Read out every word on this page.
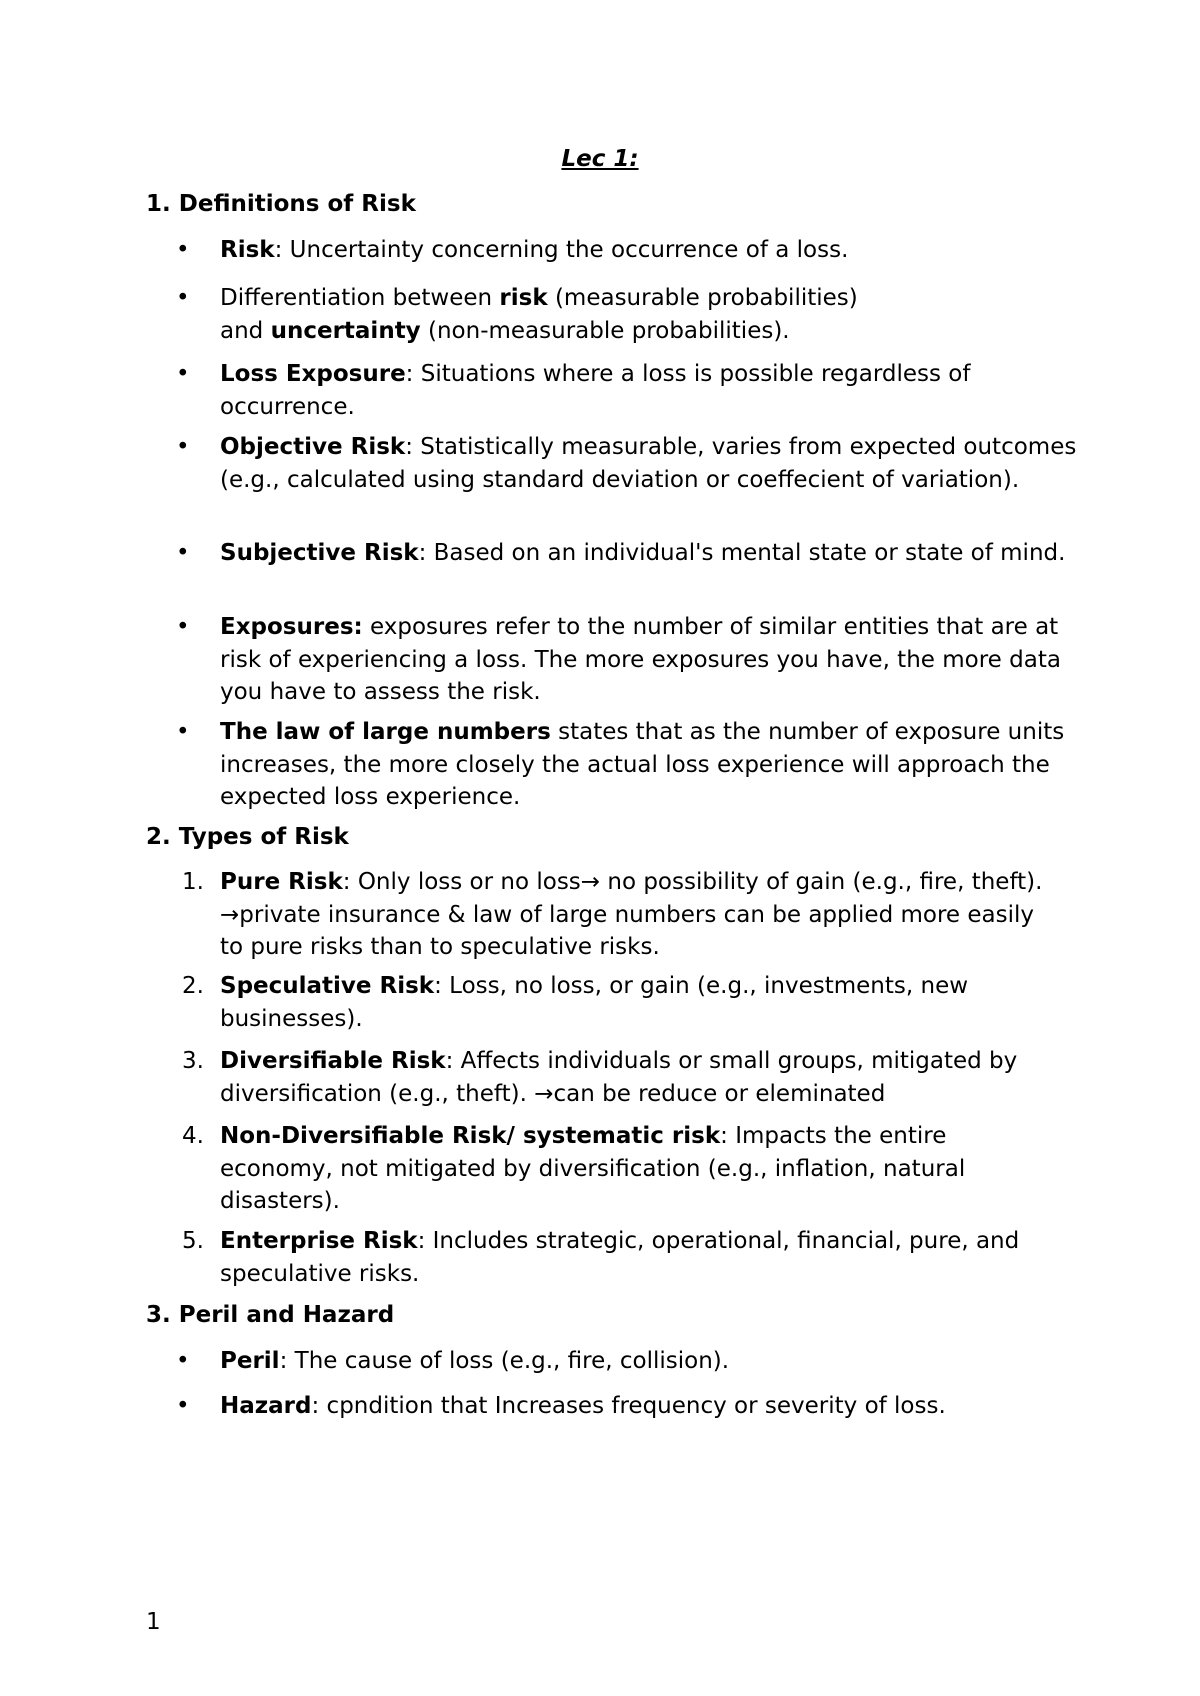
Lec 1:
1. Definitions of Risk
•	Risk: Uncertainty concerning the occurrence of a loss.
•	Differentiation between risk (measurable probabilities) and uncertainty (non-measurable probabilities).
•	Loss Exposure: Situations where a loss is possible regardless of occurrence.
•	Objective Risk: Statistically measurable, varies from expected outcomes (e.g., calculated using standard deviation or coeffecient of variation).
•	Subjective Risk: Based on an individual's mental state or state of mind.
•	Exposures: exposures refer to the number of similar entities that are at risk of experiencing a loss. The more exposures you have, the more data you have to assess the risk.
•	The law of large numbers states that as the number of exposure units increases, the more closely the actual loss experience will approach the expected loss experience.
2. Types of Risk
1. Pure Risk: Only loss or no loss→ no possibility of gain (e.g., fire, theft). →private insurance & law of large numbers can be applied more easily to pure risks than to speculative risks.
2. Speculative Risk: Loss, no loss, or gain (e.g., investments, new businesses).
3. Diversifiable Risk: Affects individuals or small groups, mitigated by diversification (e.g., theft). →can be reduce or eleminated
4. Non-Diversifiable Risk/ systematic risk: Impacts the entire economy, not mitigated by diversification (e.g., inflation, natural disasters).
5. Enterprise Risk: Includes strategic, operational, financial, pure, and speculative risks.
3. Peril and Hazard
•	Peril: The cause of loss (e.g., fire, collision).
•	Hazard: cpndition that Increases frequency or severity of loss.
1
